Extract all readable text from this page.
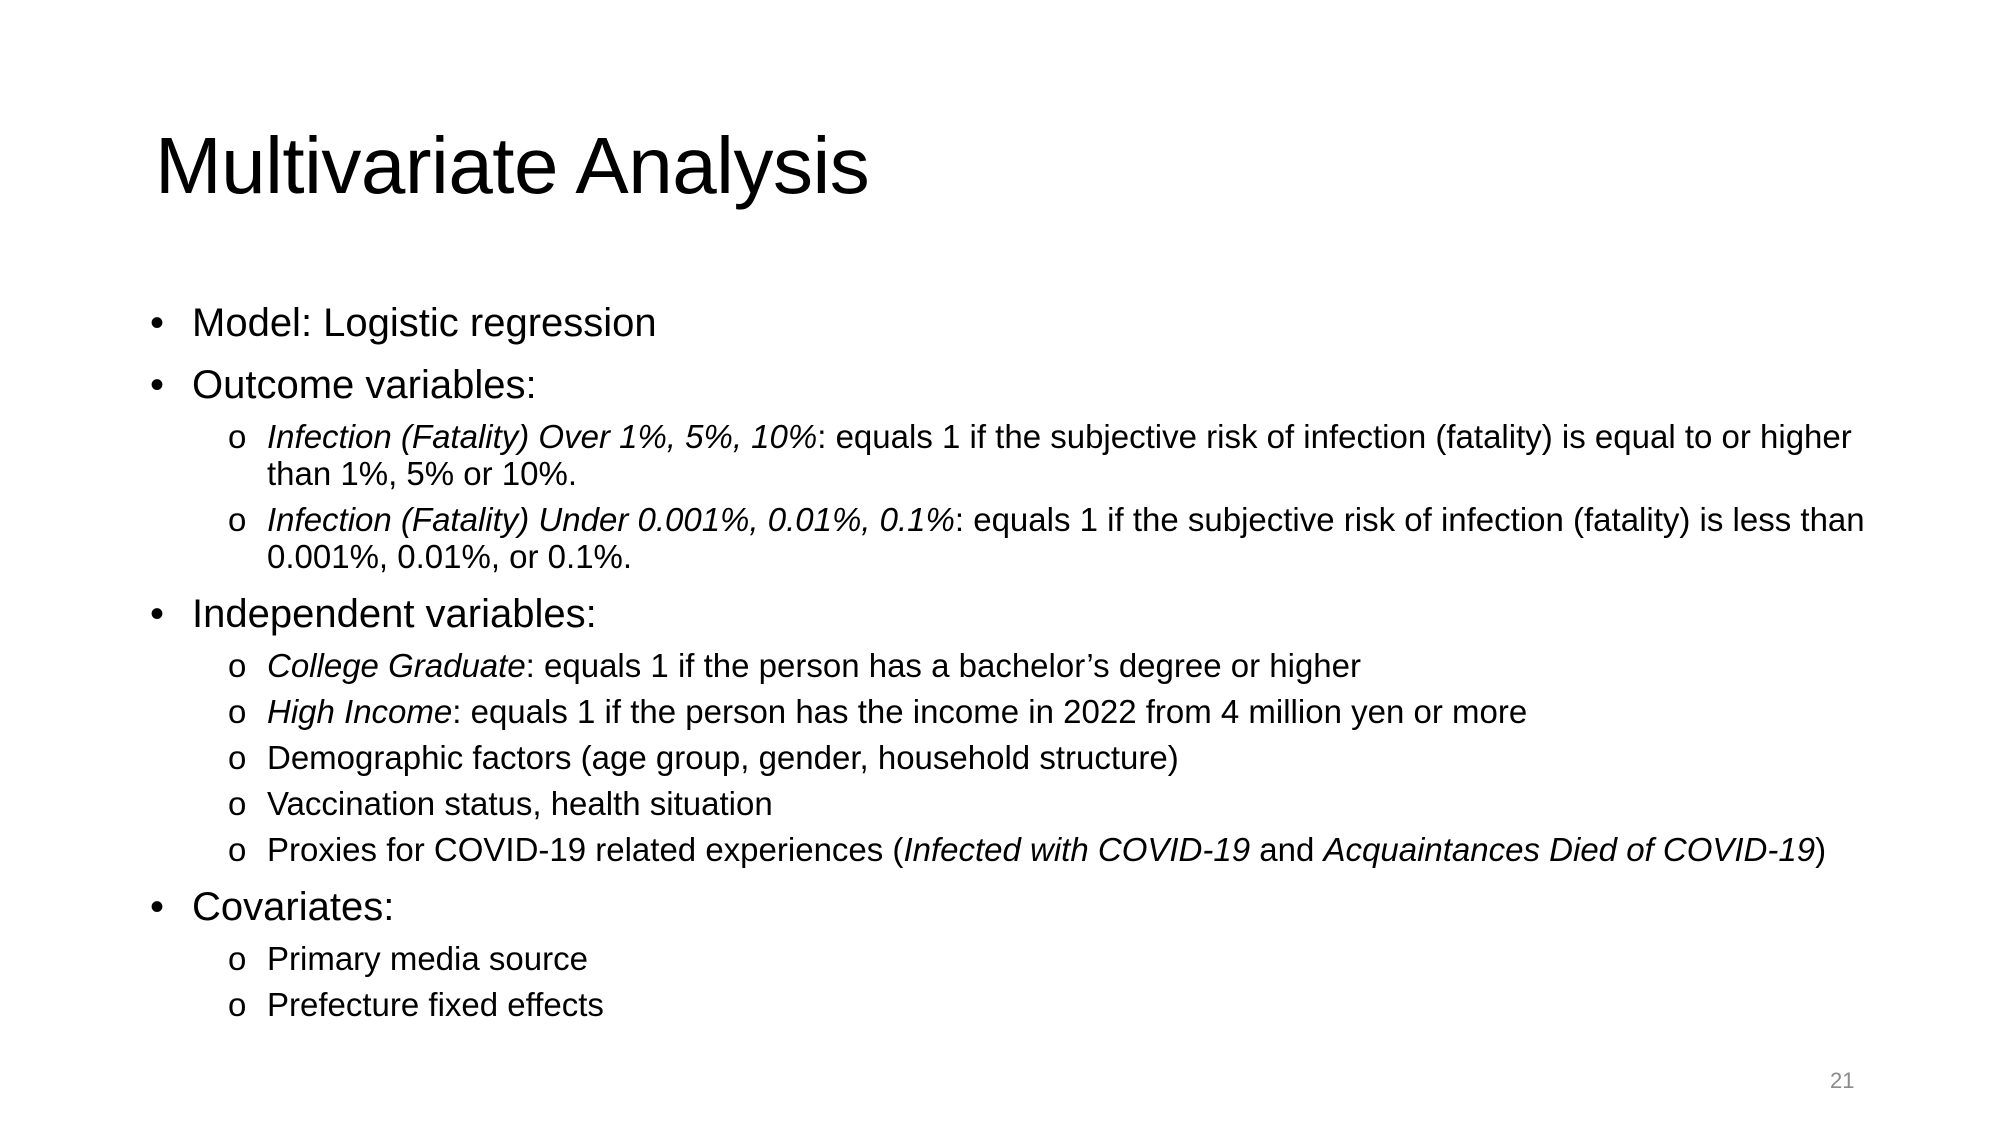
Multivariate Analysis

• Model: Logistic regression

• Outcome variables:

o Infection (Fatality) Over 1%, 5%, 10%: equals 1 if the subjective risk of infection (fatality) is equal to or higher than 1%, 5% or 10%.

o Infection (Fatality) Under 0.001%, 0.01%, 0.1%: equals 1 if the subjective risk of infection (fatality) is less than 0.001%, 0.01%, or 0.1%.

• Independent variables:

o College Graduate: equals 1 if the person has a bachelor’s degree or higher

o High Income: equals 1 if the person has the income in 2022 from 4 million yen or more

o Demographic factors (age group, gender, household structure)

o Vaccination status, health situation

o Proxies for COVID-19 related experiences (Infected with COVID-19 and Acquaintances Died of COVID-19)

• Covariates:

o Primary media source

o Prefecture fixed effects

21
